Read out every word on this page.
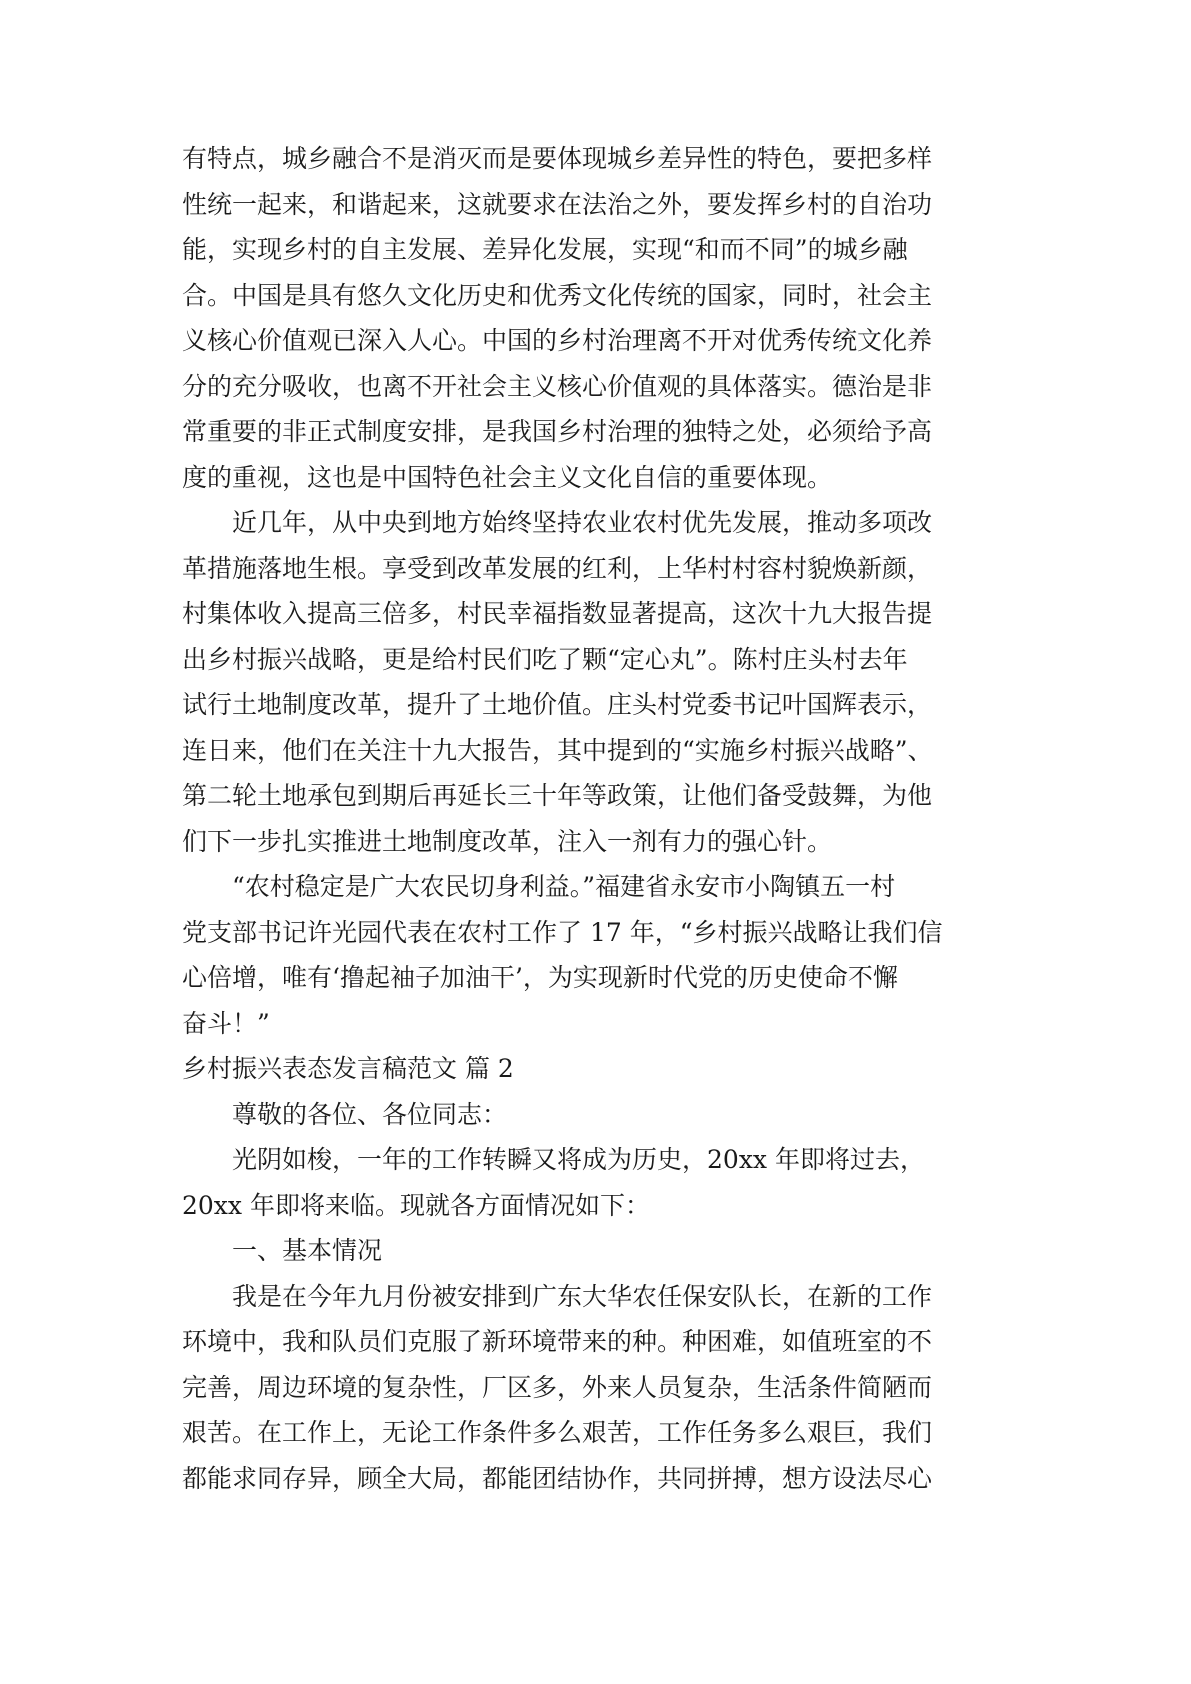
有特点，城乡融合不是消灭而是要体现城乡差异性的特色，要把多样
性统一起来，和谐起来，这就要求在法治之外，要发挥乡村的自治功
能，实现乡村的自主发展、差异化发展，实现“和而不同”的城乡融
合。中国是具有悠久文化历史和优秀文化传统的国家，同时，社会主
义核心价值观已深入人心。中国的乡村治理离不开对优秀传统文化养
分的充分吸收，也离不开社会主义核心价值观的具体落实。德治是非
常重要的非正式制度安排，是我国乡村治理的独特之处，必须给予高
度的重视，这也是中国特色社会主义文化自信的重要体现。
近几年，从中央到地方始终坚持农业农村优先发展，推动多项改
革措施落地生根。享受到改革发展的红利，上华村村容村貌焕新颜，
村集体收入提高三倍多，村民幸福指数显著提高，这次十九大报告提
出乡村振兴战略，更是给村民们吃了颗“定心丸”。陈村庄头村去年
试行土地制度改革，提升了土地价值。庄头村党委书记叶国辉表示，
连日来，他们在关注十九大报告，其中提到的“实施乡村振兴战略”、
第二轮土地承包到期后再延长三十年等政策，让他们备受鼓舞，为他
们下一步扎实推进土地制度改革，注入一剂有力的强心针。
“农村稳定是广大农民切身利益。”福建省永安市小陶镇五一村
党支部书记许光园代表在农村工作了 17 年，“乡村振兴战略让我们信
心倍增，唯有‘撸起袖子加油干’，为实现新时代党的历史使命不懈
奋斗！”
乡村振兴表态发言稿范文 篇 2
尊敬的各位、各位同志：
光阴如梭，一年的工作转瞬又将成为历史，20xx 年即将过去，
20xx 年即将来临。现就各方面情况如下：
一、基本情况
我是在今年九月份被安排到广东大华农任保安队长，在新的工作
环境中，我和队员们克服了新环境带来的种。种困难，如值班室的不
完善，周边环境的复杂性，厂区多，外来人员复杂，生活条件简陋而
艰苦。在工作上，无论工作条件多么艰苦，工作任务多么艰巨，我们
都能求同存异，顾全大局，都能团结协作，共同拼搏，想方设法尽心
